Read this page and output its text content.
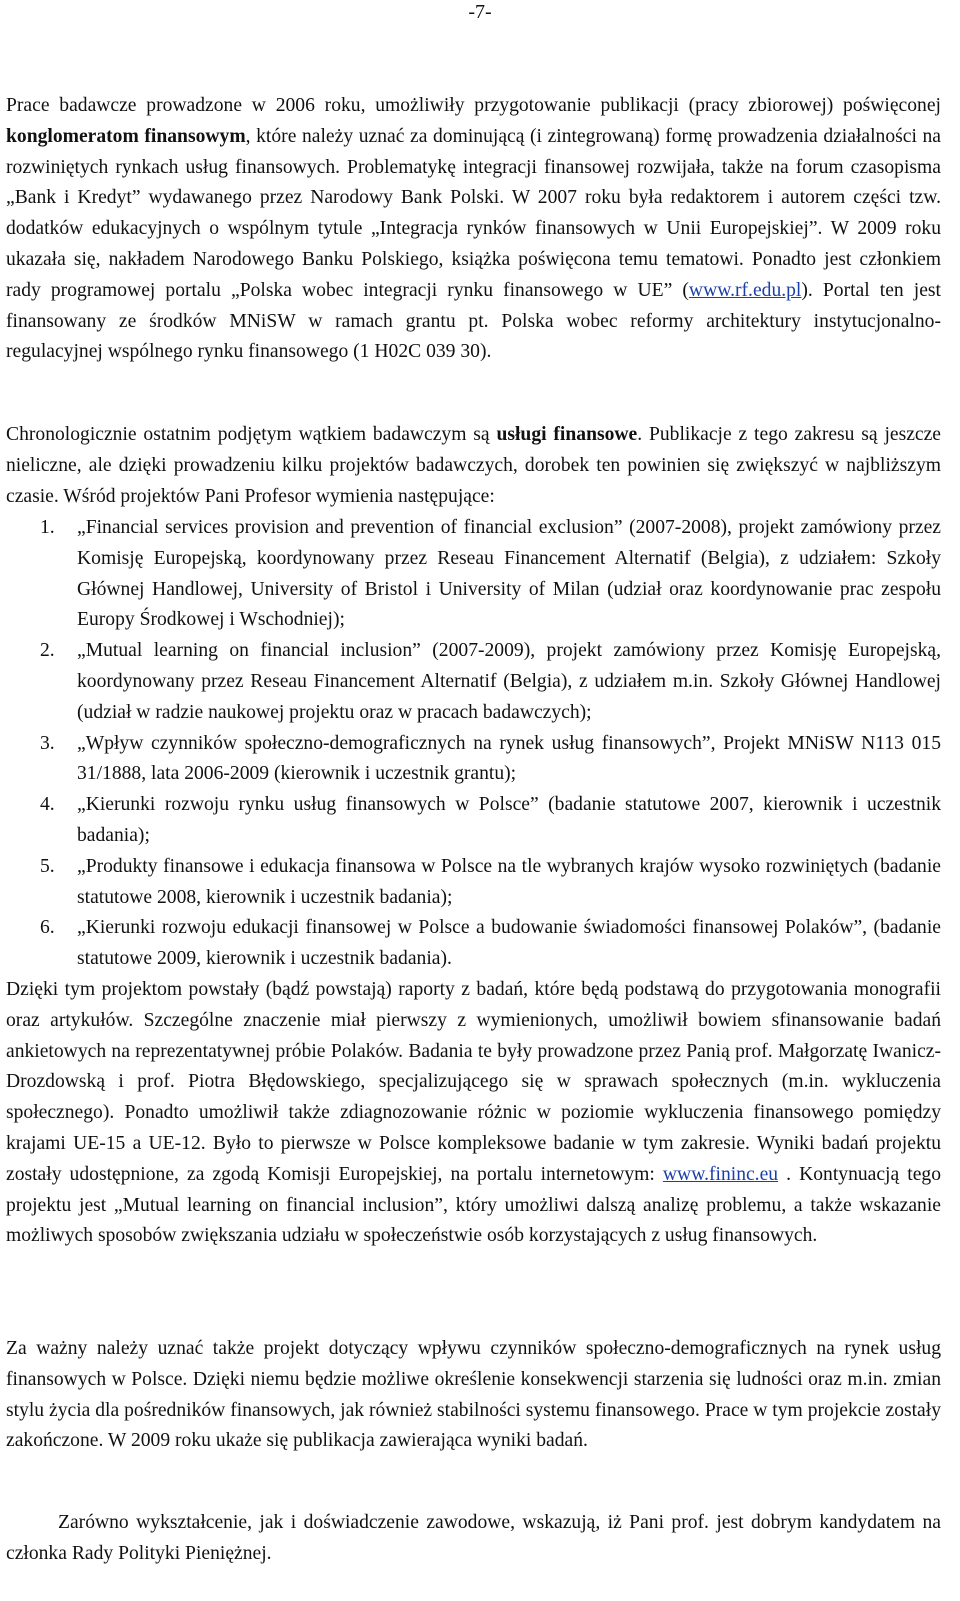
-7-

Prace badawcze prowadzone w 2006 roku, umożliwiły przygotowanie publikacji (pracy zbiorowej) poświęconej konglomeratom finansowym, które należy uznać za dominującą (i zintegrowaną) formę prowadzenia działalności na rozwiniętych rynkach usług finansowych. Problematykę integracji finansowej rozwijała, także na forum czasopisma „Bank i Kredyt” wydawanego przez Narodowy Bank Polski. W 2007 roku była redaktorem i autorem części tzw. dodatków edukacyjnych o wspólnym tytule „Integracja rynków finansowych w Unii Europejskiej”. W 2009 roku ukazała się, nakładem Narodowego Banku Polskiego, książka poświęcona temu tematowi. Ponadto jest członkiem rady programowej portalu „Polska wobec integracji rynku finansowego w UE” (www.rf.edu.pl). Portal ten jest finansowany ze środków MNiSW w ramach grantu pt. Polska wobec reformy architektury instytucjonalno-regulacyjnej wspólnego rynku finansowego (1 H02C 039 30).

Chronologicznie ostatnim podjętym wątkiem badawczym są usługi finansowe. Publikacje z tego zakresu są jeszcze nieliczne, ale dzięki prowadzeniu kilku projektów badawczych, dorobek ten powinien się zwiększyć w najbliższym czasie. Wśród projektów Pani Profesor wymienia następujące:

1. „Financial services provision and prevention of financial exclusion” (2007-2008), projekt zamówiony przez Komisję Europejską, koordynowany przez Reseau Financement Alternatif (Belgia), z udziałem: Szkoły Głównej Handlowej, University of Bristol i University of Milan (udział oraz koordynowanie prac zespołu Europy Środkowej i Wschodniej);
2. „Mutual learning on financial inclusion” (2007-2009), projekt zamówiony przez Komisję Europejską, koordynowany przez Reseau Financement Alternatif (Belgia), z udziałem m.in. Szkoły Głównej Handlowej (udział w radzie naukowej projektu oraz w pracach badawczych);
3. „Wpływ czynników społeczno-demograficznych na rynek usług finansowych”, Projekt MNiSW N113 015 31/1888, lata 2006-2009 (kierownik i uczestnik grantu);
4. „Kierunki rozwoju rynku usług finansowych w Polsce” (badanie statutowe 2007, kierownik i uczestnik badania);
5. „Produkty finansowe i edukacja finansowa w Polsce na tle wybranych krajów wysoko rozwiniętych (badanie statutowe 2008, kierownik i uczestnik badania);
6. „Kierunki rozwoju edukacji finansowej w Polsce a budowanie świadomości finansowej Polaków”, (badanie statutowe 2009, kierownik i uczestnik badania).

Dzięki tym projektom powstały (bądź powstają) raporty z badań, które będą podstawą do przygotowania monografii oraz artykułów. Szczególne znaczenie miał pierwszy z wymienionych, umożliwił bowiem sfinansowanie badań ankietowych na reprezentatywnej próbie Polaków. Badania te były prowadzone przez Panią prof. Małgorzatę Iwanicz-Drozdowską i prof. Piotra Błędowskiego, specjalizującego się w sprawach społecznych (m.in. wykluczenia społecznego). Ponadto umożliwił także zdiagnozowanie różnic w poziomie wykluczenia finansowego pomiędzy krajami UE-15 a UE-12. Było to pierwsze w Polsce kompleksowe badanie w tym zakresie. Wyniki badań projektu zostały udostępnione, za zgodą Komisji Europejskiej, na portalu internetowym: www.fininc.eu . Kontynuacją tego projektu jest „Mutual learning on financial inclusion”, który umożliwi dalszą analizę problemu, a także wskazanie możliwych sposobów zwiększania udziału w społeczeństwie osób korzystających z usług finansowych.

Za ważny należy uznać także projekt dotyczący wpływu czynników społeczno-demograficznych na rynek usług finansowych w Polsce. Dzięki niemu będzie możliwe określenie konsekwencji starzenia się ludności oraz m.in. zmian stylu życia dla pośredników finansowych, jak również stabilności systemu finansowego. Prace w tym projekcie zostały zakończone. W 2009 roku ukaże się publikacja zawierająca wyniki badań.

Zarówno wykształcenie, jak i doświadczenie zawodowe, wskazują, iż Pani prof. jest dobrym kandydatem na członka Rady Polityki Pieniężnej.
